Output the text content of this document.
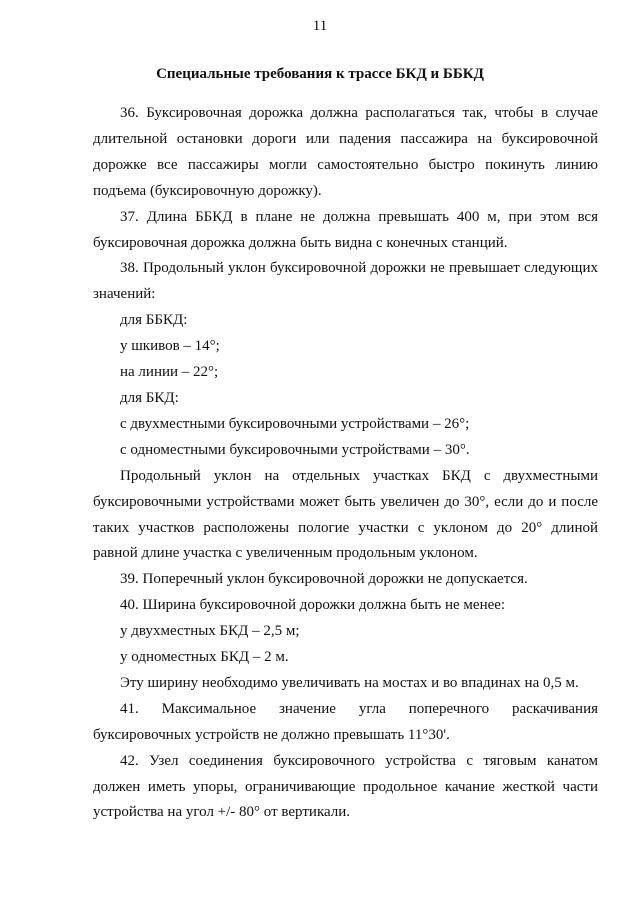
11
Специальные требования к трассе БКД и ББКД

36. Буксировочная дорожка должна располагаться так, чтобы в случае длительной остановки дороги или падения пассажира на буксировочной дорожке все пассажиры могли самостоятельно быстро покинуть линию подъема (буксировочную дорожку).

37. Длина ББКД в плане не должна превышать 400 м, при этом вся буксировочная дорожка должна быть видна с конечных станций.

38. Продольный уклон буксировочной дорожки не превышает следующих значений:

для ББКД:

у шкивов – 14°;

на линии – 22°;

для БКД:

с двухместными буксировочными устройствами – 26°;

с одноместными буксировочными устройствами – 30°.

Продольный уклон на отдельных участках БКД с двухместными буксировочными устройствами может быть увеличен до 30°, если до и после таких участков расположены пологие участки с уклоном до 20° длиной равной длине участка с увеличенным продольным уклоном.

39. Поперечный уклон буксировочной дорожки не допускается.

40. Ширина буксировочной дорожки должна быть не менее:

у двухместных БКД – 2,5 м;

у одноместных БКД – 2 м.

Эту ширину необходимо увеличивать на мостах и во впадинах на 0,5 м.

41. Максимальное значение угла поперечного раскачивания буксировочных устройств не должно превышать 11°30'.

42. Узел соединения буксировочного устройства с тяговым канатом должен иметь упоры, ограничивающие продольное качание жесткой части устройства на угол +/- 80° от вертикали.
